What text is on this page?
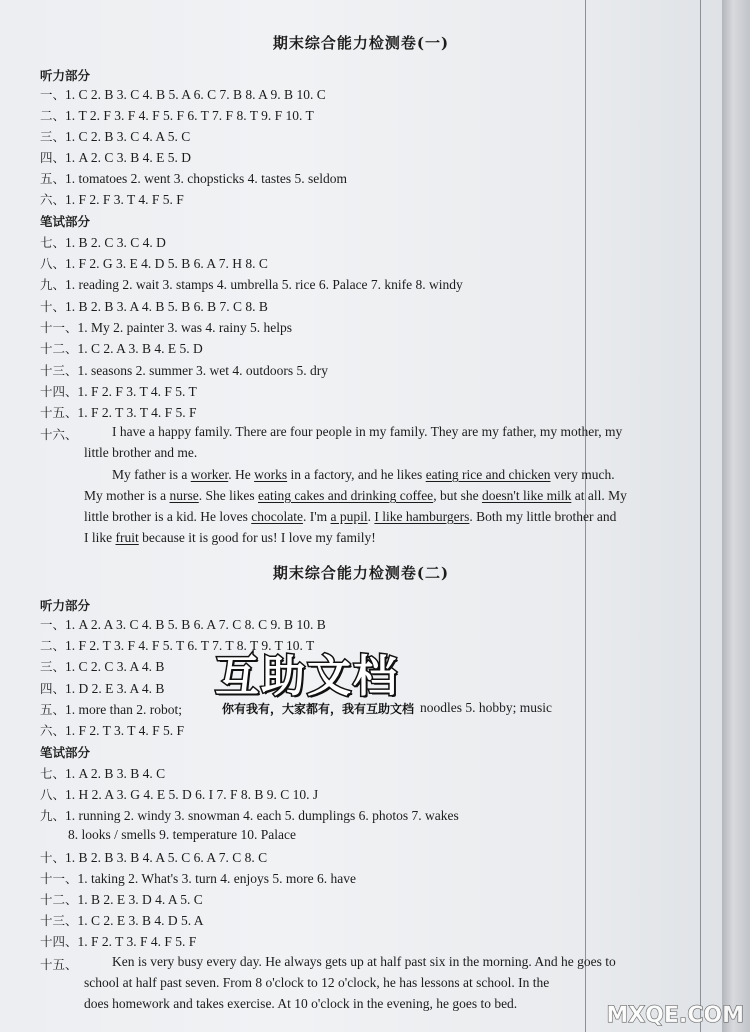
期末综合能力检测卷(一)
听力部分
一、1. C 2. B 3. C 4. B 5. A 6. C 7. B 8. A 9. B 10. C
二、1. T 2. F 3. F 4. F 5. F 6. T 7. F 8. T 9. F 10. T
三、1. C 2. B 3. C 4. A 5. C
四、1. A 2. C 3. B 4. E 5. D
五、1. tomatoes 2. went 3. chopsticks 4. tastes 5. seldom
六、1. F 2. F 3. T 4. F 5. F
笔试部分
七、1. B 2. C 3. C 4. D
八、1. F 2. G 3. E 4. D 5. B 6. A 7. H 8. C
九、1. reading 2. wait 3. stamps 4. umbrella 5. rice 6. Palace 7. knife 8. windy
十、1. B 2. B 3. A 4. B 5. B 6. B 7. C 8. B
十一、1. My 2. painter 3. was 4. rainy 5. helps
十二、1. C 2. A 3. B 4. E 5. D
十三、1. seasons 2. summer 3. wet 4. outdoors 5. dry
十四、1. F 2. F 3. T 4. F 5. T
十五、1. F 2. T 3. T 4. F 5. F
十六、	I have a happy family. There are four people in my family. They are my father, my mother, my
little brother and me.
My father is a worker. He works in a factory, and he likes eating rice and chicken very much.
My mother is a nurse. She likes eating cakes and drinking coffee, but she doesn't like milk at all. My
little brother is a kid. He loves chocolate. I'm a pupil. I like hamburgers. Both my little brother and
I like fruit because it is good for us! I love my family!
期末综合能力检测卷(二)
听力部分
一、1. A 2. A 3. C 4. B 5. B 6. A 7. C 8. C 9. B 10. B
二、1. F 2. T 3. F 4. F 5. T 6. T 7. T 8. T 9. T 10. T
三、1. C 2. C 3. A 4. B
四、1. D 2. E 3. A 4. B
五、1. more than 2. robot;	noodles 5. hobby; music
六、1. F 2. T 3. T 4. F 5. F
笔试部分
七、1. A 2. B 3. B 4. C
八、1. H 2. A 3. G 4. E 5. D 6. I 7. F 8. B 9. C 10. J
九、1. running 2. windy 3. snowman 4. each 5. dumplings 6. photos 7. wakes
8. looks / smells 9. temperature 10. Palace
十、1. B 2. B 3. B 4. A 5. C 6. A 7. C 8. C
十一、1. taking 2. What's 3. turn 4. enjoys 5. more 6. have
十二、1. B 2. E 3. D 4. A 5. C
十三、1. C 2. E 3. B 4. D 5. A
十四、1. F 2. T 3. F 4. F 5. F
十五、	Ken is very busy every day. He always gets up at half past six in the morning. And he goes to
school at half past seven. From 8 o'clock to 12 o'clock, he has lessons at school. In the
does homework and takes exercise. At 10 o'clock in the evening, he goes to bed.
互助文档
你有我有，大家都有，我有互助文档
MXQE.COM
